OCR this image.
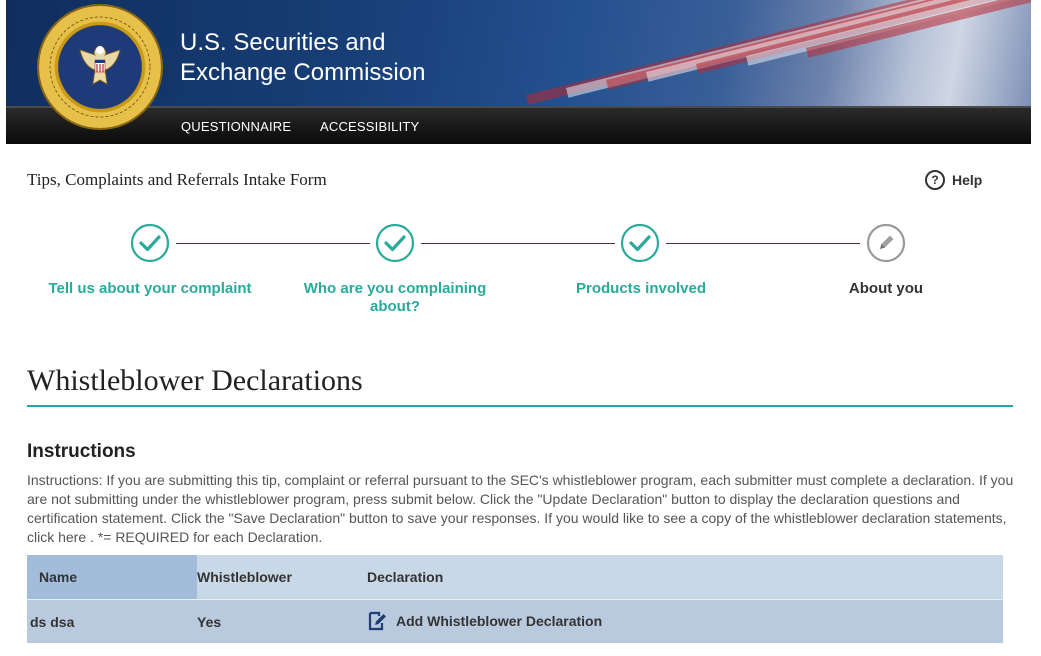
QUESTIONNAIRE ACCESSIBILITY
U.S. Securities and
Exchange Commission
Tips, Complaints and Referrals Intake Form	? Help
Tell us about your complaint	Who are you complaining about?
Products involved	About you
Whistleblower Declarations
Instructions

Instructions: If you are submitting this tip, complaint or referral pursuant to the SEC's whistleblower program, each submitter must complete a declaration. If you are not submitting under the whistleblower program, press submit below. Click the "Update Declaration" button to display the declaration questions and certification statement. Click the "Save Declaration" button to save your responses. If you would like to see a copy of the whistleblower declaration statements, click here . *= REQUIRED for each Declaration.

Name	Whistleblower	Declaration
ds dsa	Yes	Add Whistleblower Declaration
